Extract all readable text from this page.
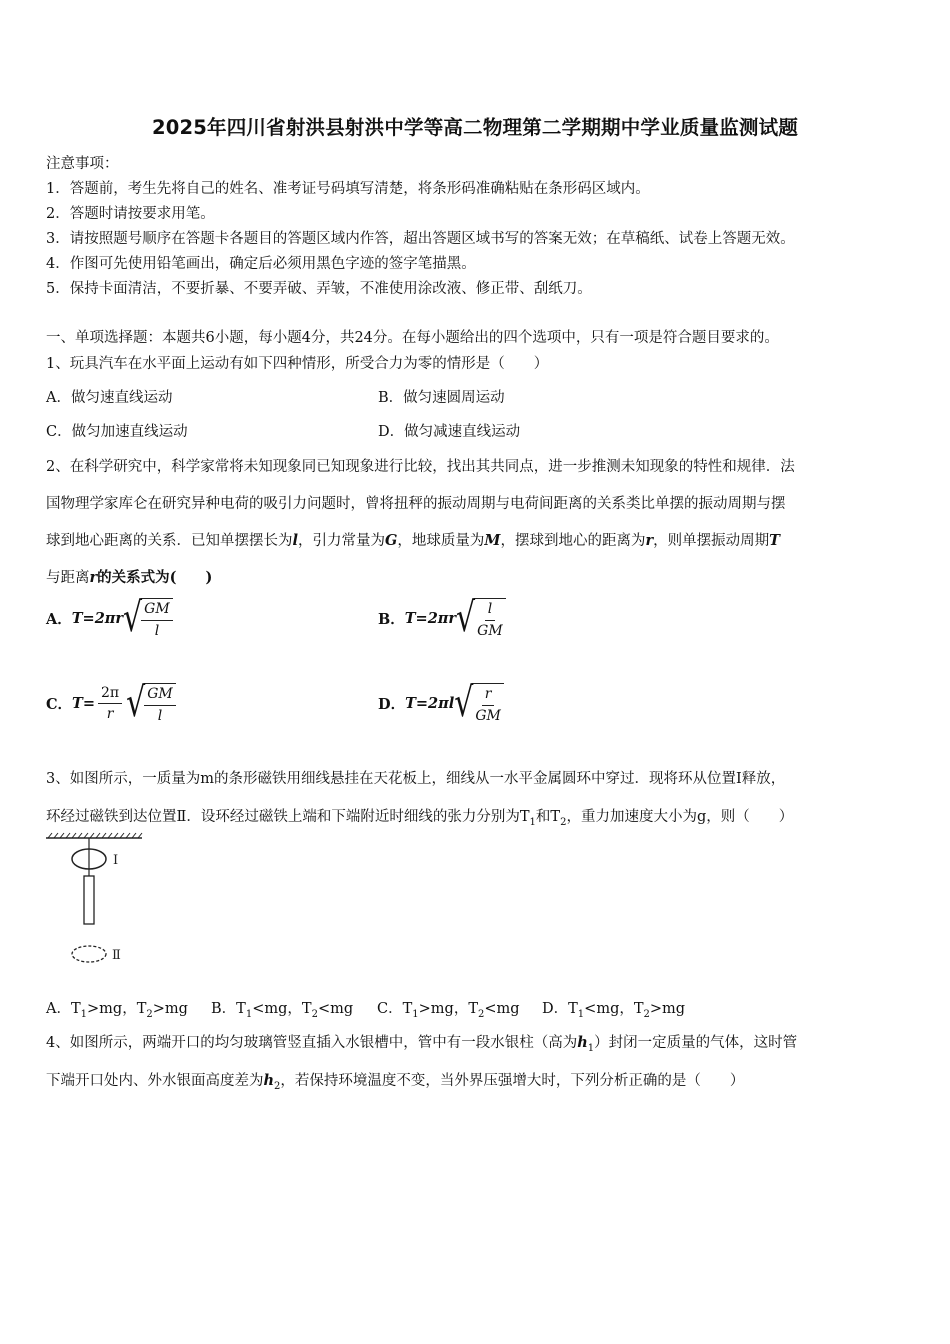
2025年四川省射洪县射洪中学等高二物理第二学期期中学业质量监测试题
注意事项：
1．答题前，考生先将自己的姓名、准考证号码填写清楚，将条形码准确粘贴在条形码区域内。
2．答题时请按要求用笔。
3．请按照题号顺序在答题卡各题目的答题区域内作答，超出答题区域书写的答案无效；在草稿纸、试卷上答题无效。
4．作图可先使用铅笔画出，确定后必须用黑色字迹的签字笔描黑。
5．保持卡面清洁，不要折暴、不要弄破、弄皱，不准使用涂改液、修正带、刮纸刀。
一、单项选择题：本题共6小题，每小题4分，共24分。在每小题给出的四个选项中，只有一项是符合题目要求的。
1、玩具汽车在水平面上运动有如下四种情形，所受合力为零的情形是（　　）
A．做匀速直线运动	B．做匀速圆周运动
C．做匀加速直线运动	D．做匀减速直线运动
2、在科学研究中，科学家常将未知现象同已知现象进行比较，找出其共同点，进一步推测未知现象的特性和规律．法
国物理学家库仑在研究异种电荷的吸引力问题时，曾将扭秤的振动周期与电荷间距离的关系类比单摆的振动周期与摆
球到地心距离的关系．已知单摆摆长为l，引力常量为G，地球质量为M，摆球到地心的距离为r，则单摆振动周期T
与距离r的关系式为(　　)
A． T=2πr √ $\frac{GM}{l}$	B． T=2πr √ $\frac{l}{GM}$
C． $T= \frac{2\pi}{r}$ √ $\frac{GM}{l}$	D． T=2πl √ $\frac{r}{GM}$
3、如图所示，一质量为m的条形磁铁用细线悬挂在天花板上，细线从一水平金属圆环中穿过．现将环从位置Ⅰ释放，
环经过磁铁到达位置Ⅱ．设环经过磁铁上端和下端附近时细线的张力分别为$T_1$和$T_2$，重力加速度大小为g，则（　　）
Ⅰ
Ⅱ
A．$T_1>mg$，$T_2>mg$ B．$T_1<mg$，$T_2<mg$ C．$T_1>mg$，$T_2<mg$ D．$T_1<mg$，$T_2>mg$
4、如图所示，两端开口的均匀玻璃管竖直插入水银槽中，管中有一段水银柱（高为$h_1$）封闭一定质量的气体，这时管
下端开口处内、外水银面高度差为$h_2$，若保持环境温度不变，当外界压强增大时，下列分析正确的是（　　）
